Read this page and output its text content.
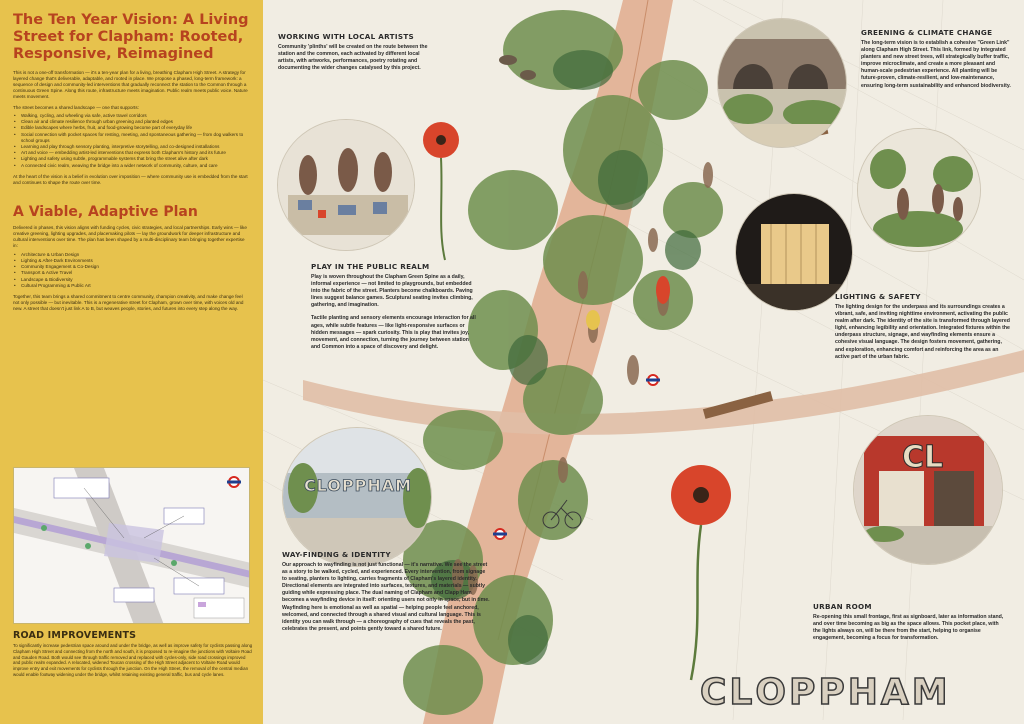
The Ten Year Vision: A Living Street for Clapham: Rooted, Responsive, Reimagined

This is not a one-off transformation — it's a ten-year plan for a living, breathing Clapham High Street. A strategy for layered change that's deliverable, adaptable, and rooted in place. We propose a phased, long-term framework: a sequence of design and community-led interventions that gradually reconnect the station to the Common through a continuous Green Spine. Along this route, infrastructure meets imagination. Public realm meets public voice. Nature meets movement.

The street becomes a shared landscape — one that supports:

• Walking, cycling, and wheeling via safe, active travel corridors
• Clean air and climate resilience through urban greening and planted edges
• Edible landscapes where herbs, fruit, and food-growing become part of everyday life
• Social connection with pocket spaces for resting, meeting, and spontaneous gathering — from dog walkers to school groups
• Learning and play through sensory planting, interpretive storytelling, and co-designed installations
• Art and voice — embedding artist-led interventions that express both Clapham's history and its future
• Lighting and safety using subtle, programmable systems that bring the street alive after dark
• A connected civic realm, weaving the bridge into a wider network of community, culture, and care

At the heart of the vision is a belief in evolution over imposition — where community use is embedded from the start and continues to shape the route over time.

A Viable, Adaptive Plan

Delivered in phases, this vision aligns with funding cycles, civic strategies, and local partnerships. Early wins — like creative greening, lighting upgrades, and placemaking pilots — lay the groundwork for deeper infrastructure and cultural interventions over time. The plan has been shaped by a multi-disciplinary team bringing together expertise in:

• Architecture & Urban Design
• Lighting & After-Dark Environments
• Community Engagement & Co-Design
• Transport & Active Travel
• Landscape & Biodiversity
• Cultural Programming & Public Art

Together, this team brings a shared commitment to centre community, champion creativity, and make change feel not only possible — but inevitable. This is a regenerative street for Clapham, grown over time, with voices old and new. A street that doesn't just link A to B, but weaves people, stories, and futures into every step along the way.

ROAD IMPROVEMENTS
To significantly increase pedestrian space around and under the bridge, as well as improve safety for cyclists passing along Clapham High Street and connecting from the north and south, it is proposed to re-imagine the junctions with Voltaire Road and Gauden Road. Both would see through traffic removed and replaced with cycles-only, side road crossings improved and public realm expanded. A relocated, widened Toucan crossing of the High Street adjacent to Voltaire Road would improve entry and exit movements for cyclists through the junction. On the High Street, the removal of the central median would enable footway widening under the bridge, whilst retaining existing general traffic, bus and cycle lanes.
CLOPPHAM
CL
WORKING WITH LOCAL ARTISTS

Community 'plinths' will be created on the route between the station and the common, each activated by different local artists, with artworks, performances, poetry rotating and documenting the wider changes catalysed by this project.

GREENING & CLIMATE CHANGE

The long-term vision is to establish a cohesive "Green Link" along Clapham High Street. This link, formed by integrated planters and new street trees, will strategically buffer traffic, improve microclimate, and create a more pleasant and human-scale pedestrian experience. All planting will be future-proven, climate-resilient, and low-maintenance, ensuring long-term sustainability and enhanced biodiversity.

PLAY IN THE PUBLIC REALM

Play is woven throughout the Clapham Green Spine as a daily, informal experience — not limited to playgrounds, but embedded into the fabric of the street. Planters become chalkboards. Paving lines suggest balance games. Sculptural seating invites climbing, gathering, and imagination.

Tactile planting and sensory elements encourage interaction for all ages, while subtle features — like light-responsive surfaces or hidden messages — spark curiosity. This is play that invites joy, movement, and connection, turning the journey between station and Common into a space of discovery and delight.

LIGHTING & SAFETY

The lighting design for the underpass and its surroundings creates a vibrant, safe, and inviting nighttime environment, activating the public realm after dark. The identity of the site is transformed through layered light, enhancing legibility and orientation. Integrated fixtures within the underpass structure, signage, and wayfinding elements ensure a cohesive visual language. The design fosters movement, gathering, and exploration, enhancing comfort and reinforcing the area as an active part of the urban fabric.

WAY-FINDING & IDENTITY

Our approach to wayfinding is not just functional — it's narrative. We see the street as a story to be walked, cycled, and experienced. Every intervention, from signage to seating, planters to lighting, carries fragments of Clapham's layered identity. Directional elements are integrated into surfaces, textures, and materials — subtly guiding while expressing place. The dual naming of Clapham and Clapp Ham becomes a wayfinding device in itself: orienting users not only in space, but in time. Wayfinding here is emotional as well as spatial — helping people feel anchored, welcomed, and connected through a shared visual and cultural language. This is identity you can walk through — a choreography of cues that reveals the past, celebrates the present, and points gently toward a shared future.

URBAN ROOM

Re-opening this small frontage, first as signboard, later as information stand, and over time becoming as big as the space allows. This pocket place, with the lights always on, will be there from the start, helping to organise engagement, becoming a focus for transformation.

CLOPPHAM
